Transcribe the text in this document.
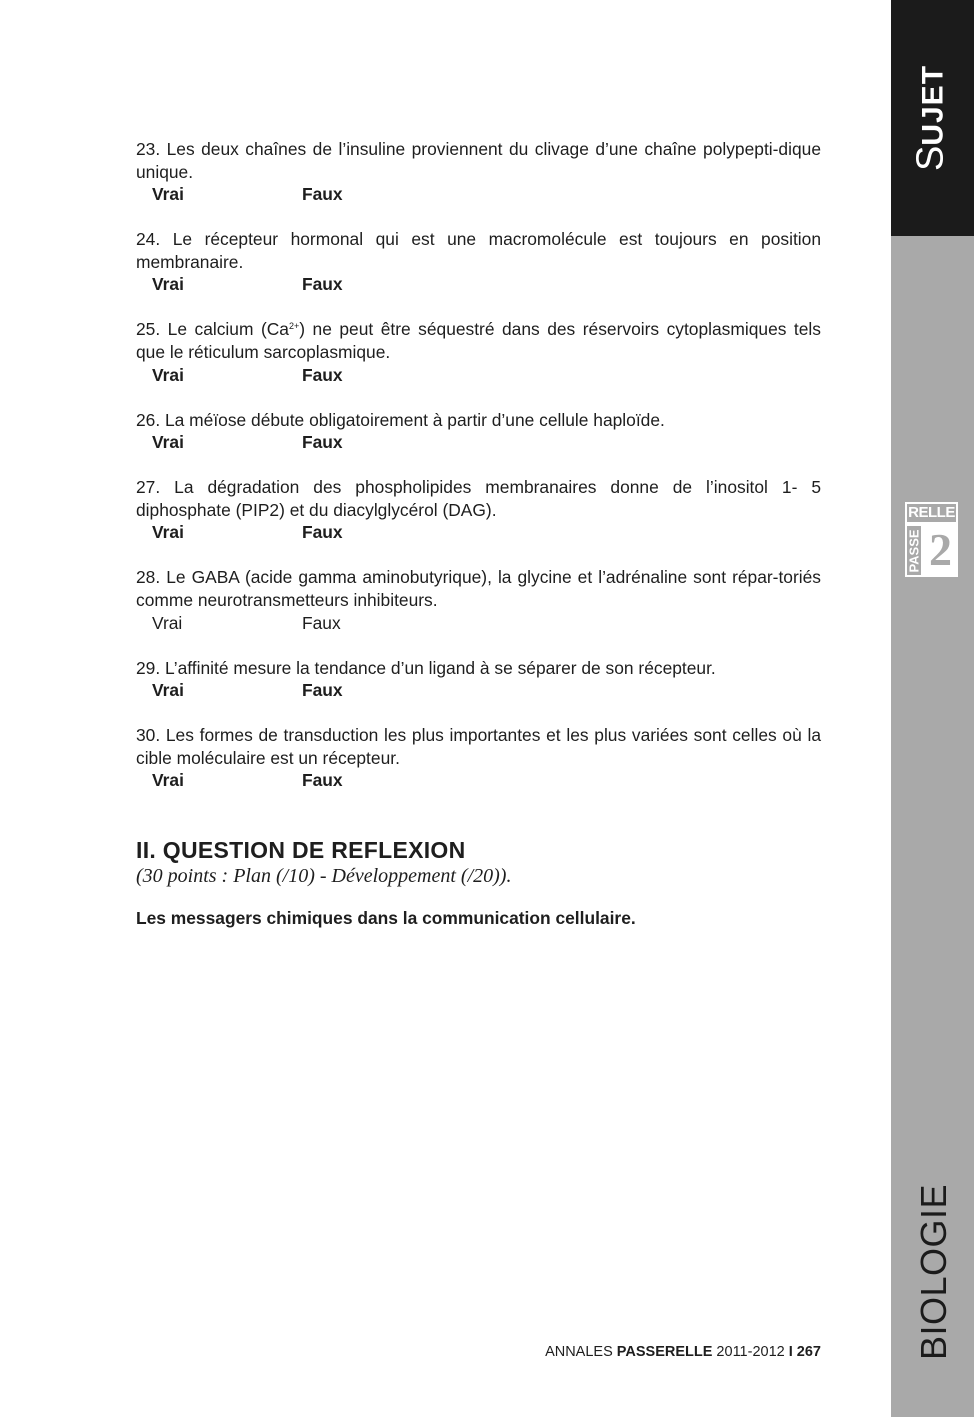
23. Les deux chaînes de l’insuline proviennent du clivage d’une chaîne polypepti-dique unique.

Vrai	Faux

24. Le récepteur hormonal qui est une macromolécule est toujours en position membranaire.

Vrai	Faux

25. Le calcium $(Ca^{2+})$ ne peut être séquestré dans des réservoirs cytoplasmiques tels que le réticulum sarcoplasmique.

Vrai	Faux

26. La méïose débute obligatoirement à partir d’une cellule haploïde.

Vrai	Faux

27. La dégradation des phospholipides membranaires donne de l’inositol 1- 5 diphosphate (PIP2) et du diacylglycérol (DAG).

Vrai	Faux

28. Le GABA (acide gamma aminobutyrique), la glycine et l’adrénaline sont répar-toriés comme neurotransmetteurs inhibiteurs.

Vrai	Faux

29. L’affinité mesure la tendance d’un ligand à se séparer de son récepteur.

Vrai	Faux

30. Les formes de transduction les plus importantes et les plus variées sont celles où la cible moléculaire est un récepteur.

Vrai	Faux
II. QUESTION DE REFLEXION

(30 points : Plan (/10) - Développement (/20)).

Les messagers chimiques dans la communication cellulaire.

ANNALES PASSERELLE 2011-2012 I 267
SUJET
RELLE
PASSE 2
BIOLOGIE
